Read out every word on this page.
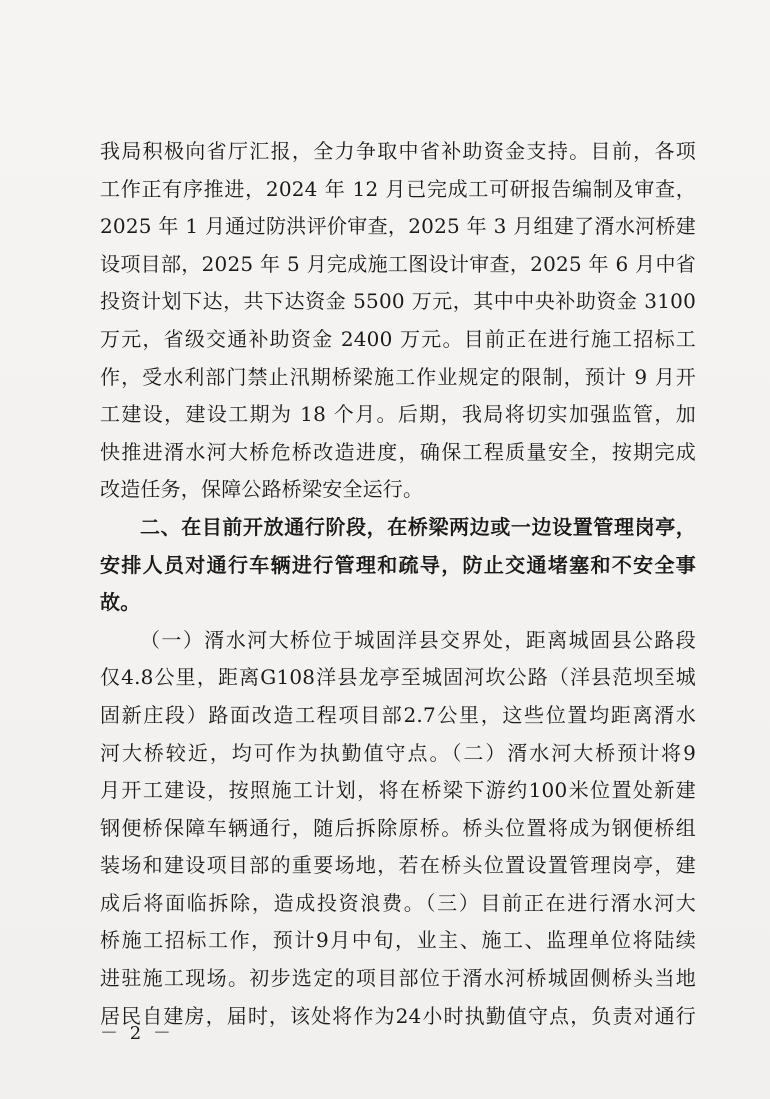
我局积极向省厅汇报，全力争取中省补助资金支持。目前，各项
工作正有序推进，2024 年 12 月已完成工可研报告编制及审查，
2025 年 1 月通过防洪评价审查，2025 年 3 月组建了湑水河桥建
设项目部，2025 年 5 月完成施工图设计审查，2025 年 6 月中省
投资计划下达，共下达资金 5500 万元，其中中央补助资金 3100
万元，省级交通补助资金 2400 万元。目前正在进行施工招标工
作，受水利部门禁止汛期桥梁施工作业规定的限制，预计 9 月开
工建设，建设工期为 18 个月。后期，我局将切实加强监管，加
快推进湑水河大桥危桥改造进度，确保工程质量安全，按期完成
改造任务，保障公路桥梁安全运行。
二、在目前开放通行阶段，在桥梁两边或一边设置管理岗亭，
安排人员对通行车辆进行管理和疏导，防止交通堵塞和不安全事
故。
（一）湑水河大桥位于城固洋县交界处，距离城固县公路段
仅4.8公里，距离G108洋县龙亭至城固河坎公路（洋县范坝至城
固新庄段）路面改造工程项目部2.7公里，这些位置均距离湑水
河大桥较近，均可作为执勤值守点。（二）湑水河大桥预计将9
月开工建设，按照施工计划，将在桥梁下游约100米位置处新建
钢便桥保障车辆通行，随后拆除原桥。桥头位置将成为钢便桥组
装场和建设项目部的重要场地，若在桥头位置设置管理岗亭，建
成后将面临拆除，造成投资浪费。（三）目前正在进行湑水河大
桥施工招标工作，预计9月中旬，业主、施工、监理单位将陆续
进驻施工现场。初步选定的项目部位于湑水河桥城固侧桥头当地
居民自建房，届时，该处将作为24小时执勤值守点，负责对通行
－ 2 －
